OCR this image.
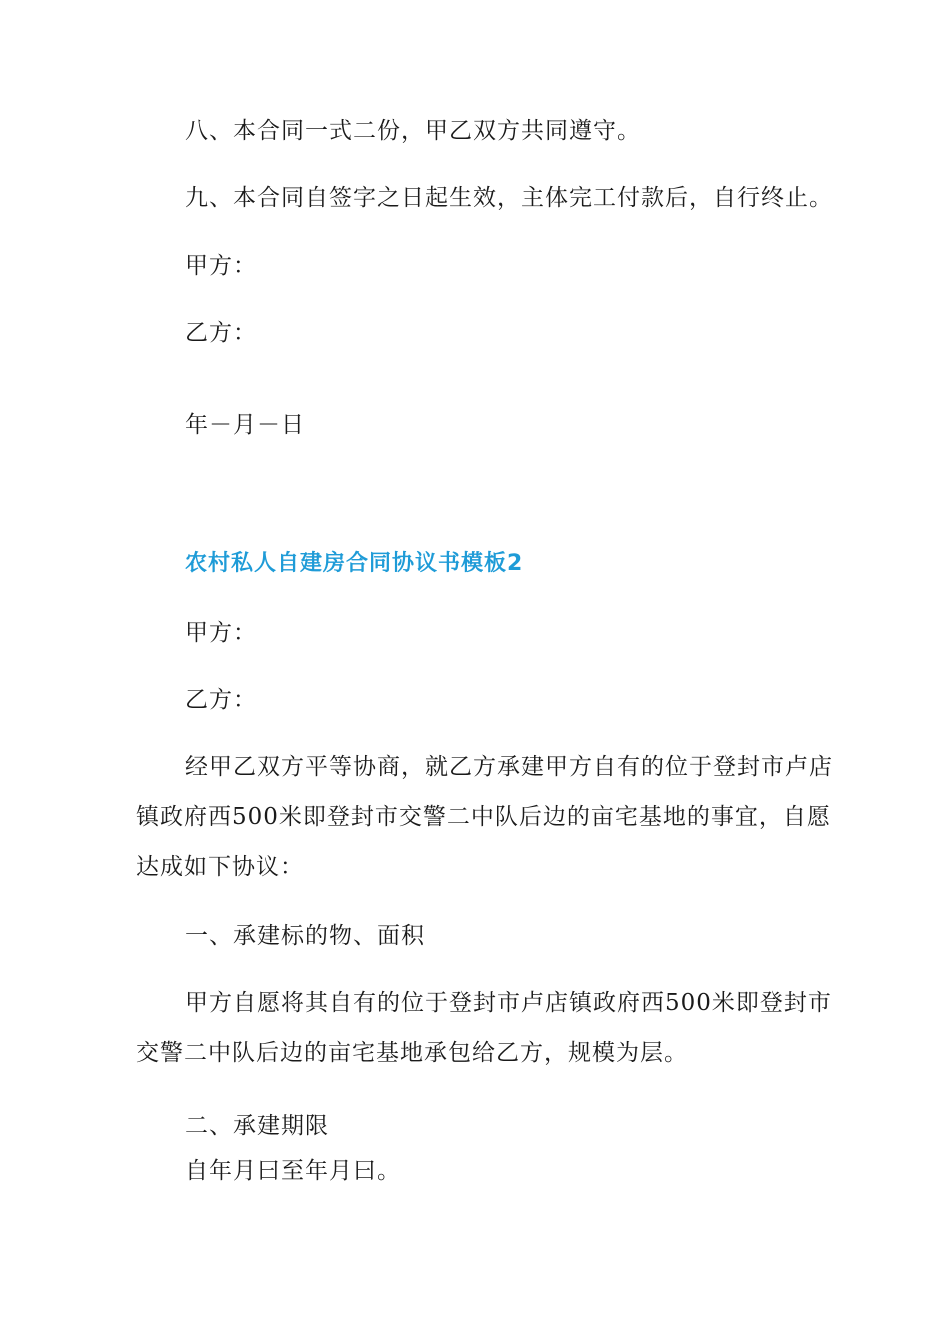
八、本合同一式二份，甲乙双方共同遵守。
九、本合同自签字之日起生效，主体完工付款后，自行终止。
甲方：
乙方：
年－月－日
农村私人自建房合同协议书模板2
甲方：
乙方：
经甲乙双方平等协商，就乙方承建甲方自有的位于登封市卢店
镇政府西500米即登封市交警二中队后边的亩宅基地的事宜，自愿
达成如下协议：
一、承建标的物、面积
甲方自愿将其自有的位于登封市卢店镇政府西500米即登封市
交警二中队后边的亩宅基地承包给乙方，规模为层。
二、承建期限
自年月曰至年月曰。
